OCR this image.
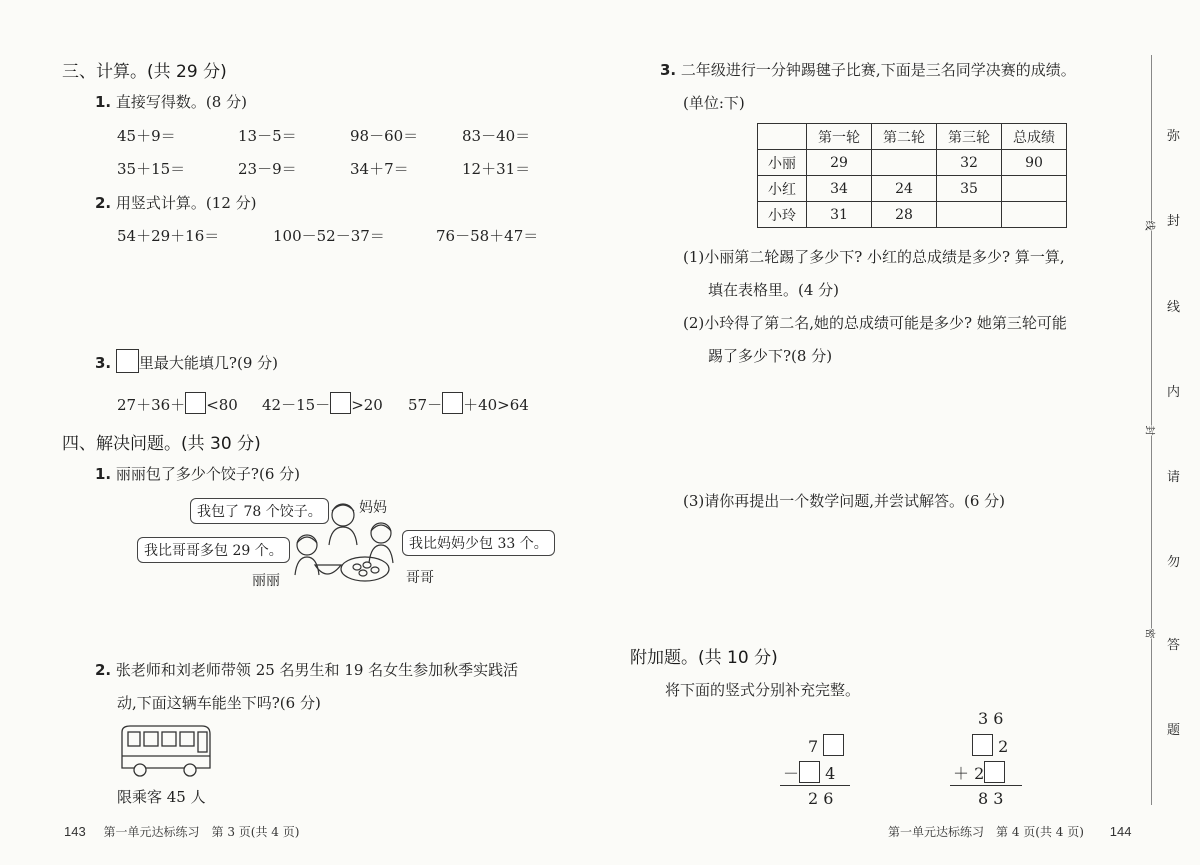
三、计算。(共 29 分)
1. 直接写得数。(8 分)
45＋9＝	13－5＝	98－60＝	83－40＝
35＋15＝	23－9＝	34＋7＝	12＋31＝
2. 用竖式计算。(12 分)
54＋29＋16＝	100－52－37＝	76－58＋47＝
3. 里最大能填几?(9 分)
27＋36＋ <80 42－15－ >20 57－ ＋40>64
四、解决问题。(共 30 分)
1. 丽丽包了多少个饺子?(6 分)
我包了 78 个饺子。
我比哥哥多包 29 个。	我比妈妈少包 33 个。
妈妈
丽丽	哥哥
2. 张老师和刘老师带领 25 名男生和 19 名女生参加秋季实践活
动,下面这辆车能坐下吗?(6 分)
限乘客 45 人
3. 二年级进行一分钟踢毽子比赛,下面是三名同学决赛的成绩。
(单位:下)
	第一轮	第二轮	第三轮	总成绩
小丽	29		32	90
小红	34	24	35	
小玲	31	28		
(1)小丽第二轮踢了多少下? 小红的总成绩是多少? 算一算,
填在表格里。(4 分)
(2)小玲得了第二名,她的总成绩可能是多少? 她第三轮可能
踢了多少下?(8 分)
(3)请你再提出一个数学问题,并尝试解答。(6 分)
附加题。(共 10 分)
将下面的竖式分别补充完整。
7
－ 4
2 6
3 6
2
＋ 2
8 3
弥
封
线
内
请
勿
答
题
线
封
密
143 第一单元达标练习　第 3 页(共 4 页)	第一单元达标练习　第 4 页(共 4 页) 144
